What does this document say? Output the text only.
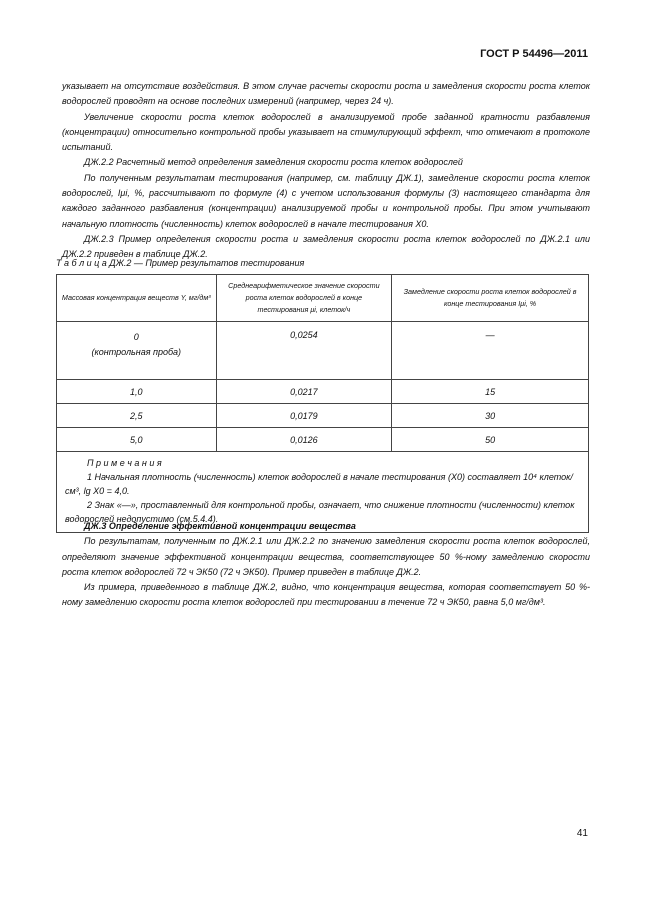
ГОСТ Р 54496—2011

указывает на отсутствие воздействия. В этом случае расчеты скорости роста и замедления скорости роста клеток водорослей проводят на основе последних измерений (например, через 24 ч).

Увеличение скорости роста клеток водорослей в анализируемой пробе заданной кратности разбавления (концентрации) относительно контрольной пробы указывает на стимулирующий эффект, что отмечают в протоколе испытаний.

ДЖ.2.2 Расчетный метод определения замедления скорости роста клеток водорослей

По полученным результатам тестирования (например, см. таблицу ДЖ.1), замедление скорости роста клеток водорослей, Iμi, %, рассчитывают по формуле (4) с учетом использования формулы (3) настоящего стандарта для каждого заданного разбавления (концентрации) анализируемой пробы и контрольной пробы. При этом учитывают начальную плотность (численность) клеток водорослей в начале тестирования X0.

ДЖ.2.3 Пример определения скорости роста и замедления скорости роста клеток водорослей по ДЖ.2.1 или ДЖ.2.2 приведен в таблице ДЖ.2.

Т а б л и ц а ДЖ.2 — Пример результатов тестирования
Массовая концентрация веществ Y, мг/дм³	Среднеарифметическое значение скорости роста клеток водорослей в конце тестирования μi, клеток/ч	Замедление скорости роста клеток водорослей в конце тестирования Iμi, %

0
(контрольная проба)	0,0254	—
1,0	0,0217	15
2,5	0,0179	30
5,0	0,0126	50

П р и м е ч а н и я

1 Начальная плотность (численность) клеток водорослей в начале тестирования (X0) составляет 10⁴ клеток/см³, lg X0 = 4,0.

2 Знак «—», проставленный для контрольной пробы, означает, что снижение плотности (численности) клеток водорослей недопустимо (см.5.4.4).		

ДЖ.3 Определение эффективной концентрации вещества

По результатам, полученным по ДЖ.2.1 или ДЖ.2.2 по значению замедления скорости роста клеток водорослей, определяют значение эффективной концентрации вещества, соответствующее 50 %-ному замедлению скорости роста клеток водорослей 72 ч ЭК50 (72 ч ЭК50). Пример приведен в таблице ДЖ.2.

Из примера, приведенного в таблице ДЖ.2, видно, что концентрация вещества, которая соответствует 50 %-ному замедлению скорости роста клеток водорослей при тестировании в течение 72 ч ЭК50, равна 5,0 мг/дм³.

41
